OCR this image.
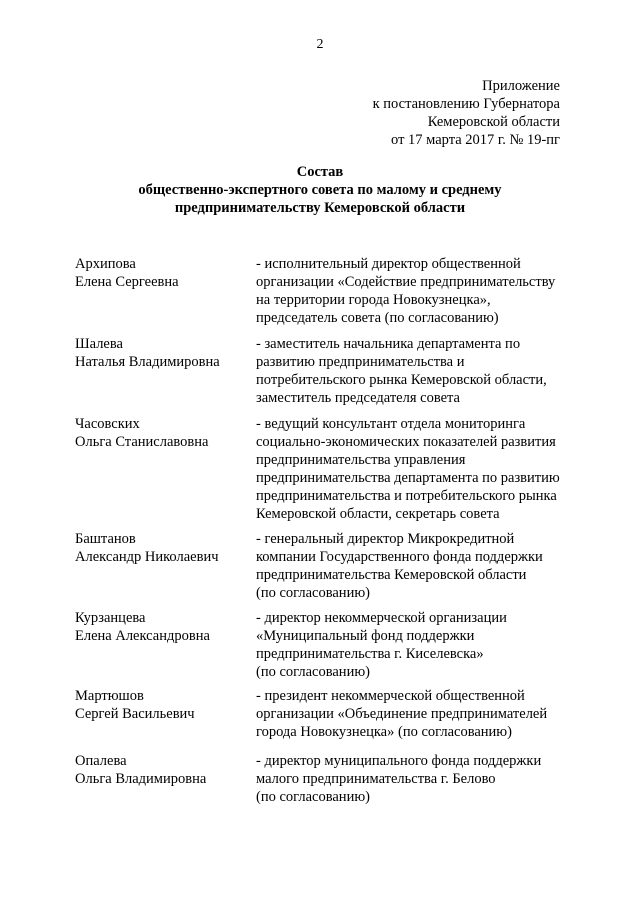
2
Приложение
к постановлению Губернатора
Кемеровской области
от 17 марта 2017 г. № 19-пг
Состав
общественно-экспертного совета по малому и среднему
предпринимательству Кемеровской области
Архипова
Елена Сергеевна
- исполнительный директор общественной
организации «Содействие предпринимательству
на территории города Новокузнецка»,
председатель совета (по согласованию)
Шалева
Наталья Владимировна
- заместитель начальника департамента по
развитию предпринимательства и
потребительского рынка Кемеровской области,
заместитель председателя совета
Часовских
Ольга Станиславовна
- ведущий консультант отдела мониторинга
социально-экономических показателей развития
предпринимательства управления
предпринимательства департамента по развитию
предпринимательства и потребительского рынка
Кемеровской области, секретарь совета
Баштанов
Александр Николаевич
- генеральный директор Микрокредитной
компании Государственного фонда поддержки
предпринимательства Кемеровской области
(по согласованию)
Курзанцева
Елена Александровна
- директор некоммерческой организации
«Муниципальный фонд поддержки
предпринимательства г. Киселевска»
(по согласованию)
Мартюшов
Сергей Васильевич
- президент некоммерческой общественной
организации «Объединение предпринимателей
города Новокузнецка» (по согласованию)
Опалева
Ольга Владимировна
- директор муниципального фонда поддержки
малого предпринимательства г. Белово
(по согласованию)
